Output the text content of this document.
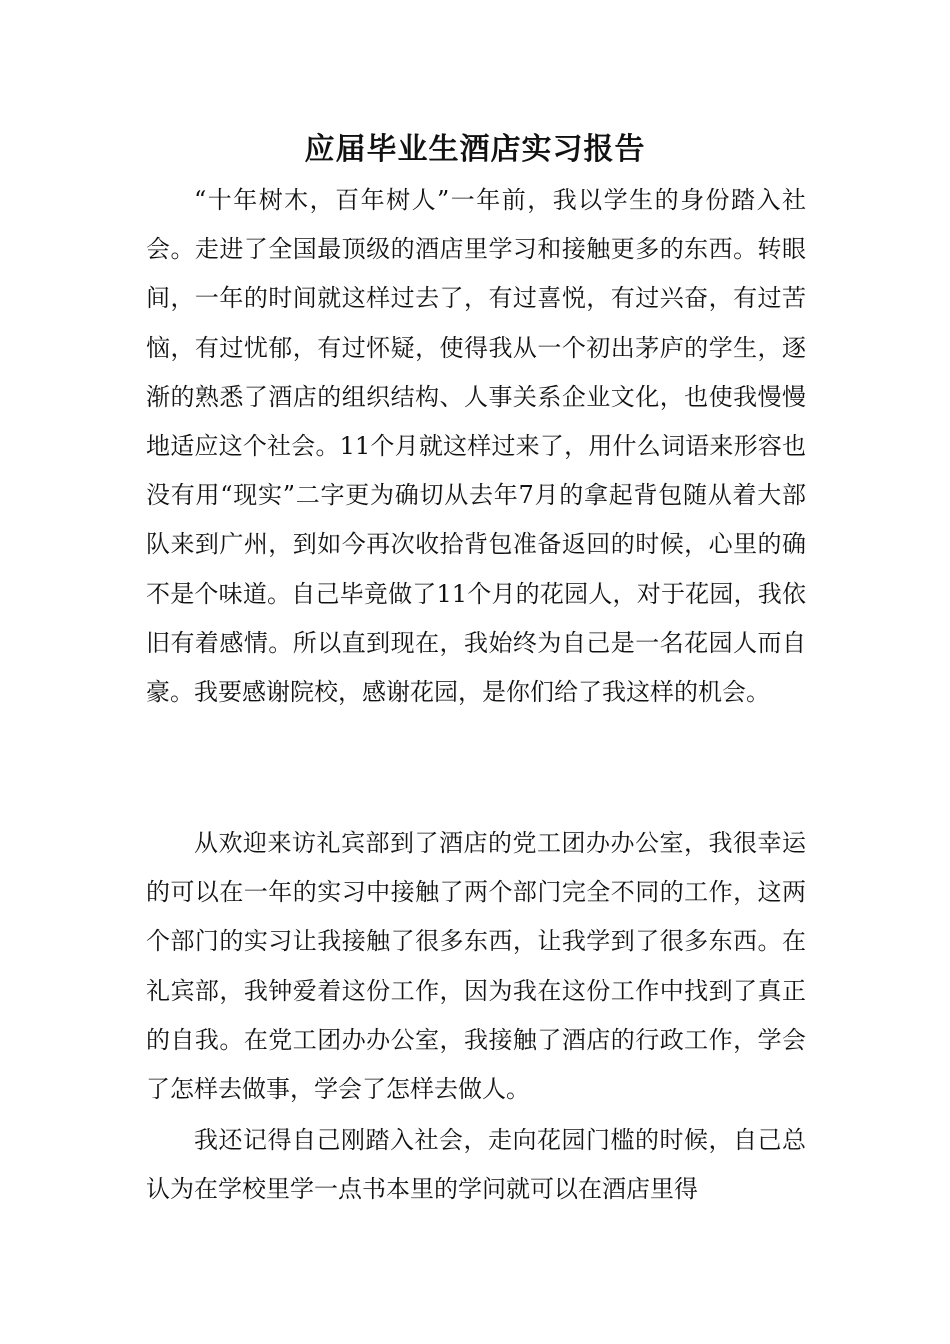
应届毕业生酒店实习报告

“十年树木，百年树人”一年前，我以学生的身份踏入社会。走进了全国最顶级的酒店里学习和接触更多的东西。转眼间，一年的时间就这样过去了，有过喜悦，有过兴奋，有过苦恼，有过忧郁，有过怀疑，使得我从一个初出茅庐的学生，逐渐的熟悉了酒店的组织结构、人事关系企业文化，也使我慢慢地适应这个社会。11个月就这样过来了，用什么词语来形容也没有用“现实”二字更为确切从去年7月的拿起背包随从着大部队来到广州，到如今再次收拾背包准备返回的时候，心里的确不是个味道。自己毕竟做了11个月的花园人，对于花园，我依旧有着感情。所以直到现在，我始终为自己是一名花园人而自豪。我要感谢院校，感谢花园，是你们给了我这样的机会。

从欢迎来访礼宾部到了酒店的党工团办办公室，我很幸运的可以在一年的实习中接触了两个部门完全不同的工作，这两个部门的实习让我接触了很多东西，让我学到了很多东西。在礼宾部，我钟爱着这份工作，因为我在这份工作中找到了真正的自我。在党工团办办公室，我接触了酒店的行政工作，学会了怎样去做事，学会了怎样去做人。

我还记得自己刚踏入社会，走向花园门槛的时候，自己总认为在学校里学一点书本里的学问就可以在酒店里得
